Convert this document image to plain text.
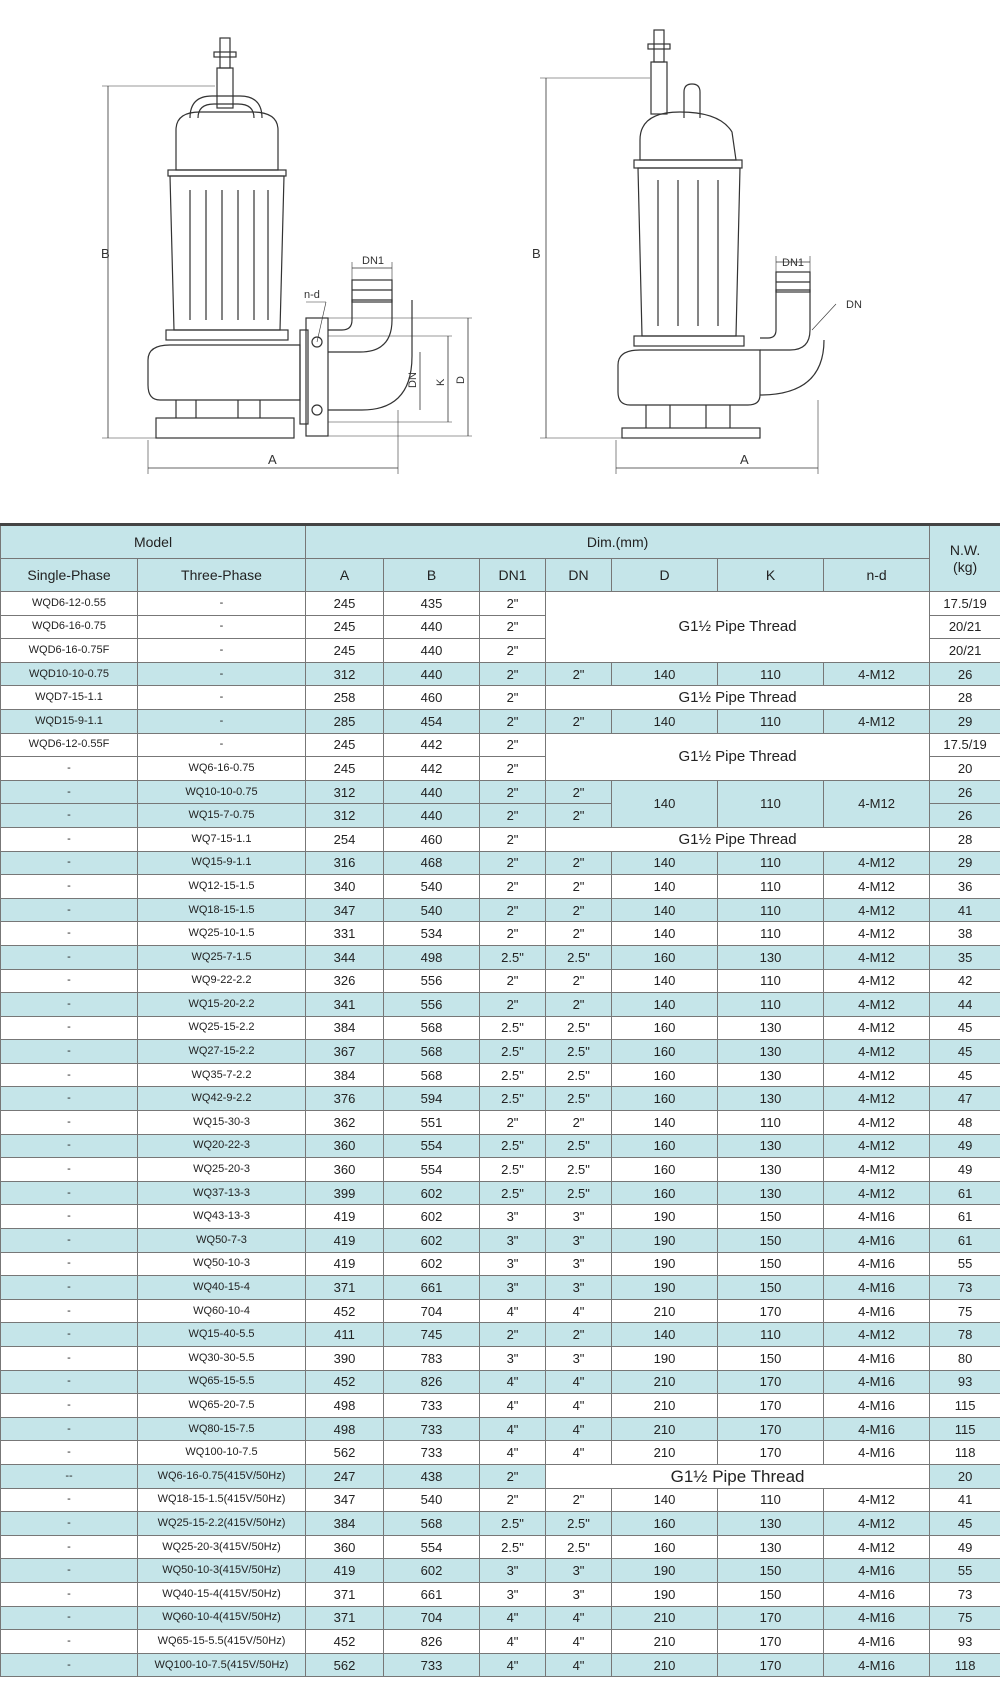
B	DN1
n-d
DN K D
A
B
DN1
DN
A
Model		Dim.(mm)							N.W.
(kg)
Single-Phase	Three-Phase	A	B	DN1	DN	D	K	n-d	
WQD6-12-0.55	-	245	435	2"	G1½ Pipe Thread				17.5/19
WQD6-16-0.75	-	245	440	2"					20/21
WQD6-16-0.75F	-	245	440	2"					20/21
WQD10-10-0.75	-	312	440	2"	2"	140	110	4-M12	26
WQD7-15-1.1	-	258	460	2"	G1½ Pipe Thread				28
WQD15-9-1.1	-	285	454	2"	2"	140	110	4-M12	29
WQD6-12-0.55F	-	245	442	2"	G1½ Pipe Thread				17.5/19
-	WQ6-16-0.75	245	442	2"					20
-	WQ10-10-0.75	312	440	2"	2"	140	110	4-M12	26
-	WQ15-7-0.75	312	440	2"	2"				26
-	WQ7-15-1.1	254	460	2"	G1½ Pipe Thread				28
-	WQ15-9-1.1	316	468	2"	2"	140	110	4-M12	29
-	WQ12-15-1.5	340	540	2"	2"	140	110	4-M12	36
-	WQ18-15-1.5	347	540	2"	2"	140	110	4-M12	41
-	WQ25-10-1.5	331	534	2"	2"	140	110	4-M12	38
-	WQ25-7-1.5	344	498	2.5"	2.5"	160	130	4-M12	35
-	WQ9-22-2.2	326	556	2"	2"	140	110	4-M12	42
-	WQ15-20-2.2	341	556	2"	2"	140	110	4-M12	44
-	WQ25-15-2.2	384	568	2.5"	2.5"	160	130	4-M12	45
-	WQ27-15-2.2	367	568	2.5"	2.5"	160	130	4-M12	45
-	WQ35-7-2.2	384	568	2.5"	2.5"	160	130	4-M12	45
-	WQ42-9-2.2	376	594	2.5"	2.5"	160	130	4-M12	47
-	WQ15-30-3	362	551	2"	2"	140	110	4-M12	48
-	WQ20-22-3	360	554	2.5"	2.5"	160	130	4-M12	49
-	WQ25-20-3	360	554	2.5"	2.5"	160	130	4-M12	49
-	WQ37-13-3	399	602	2.5"	2.5"	160	130	4-M12	61
-	WQ43-13-3	419	602	3"	3"	190	150	4-M16	61
-	WQ50-7-3	419	602	3"	3"	190	150	4-M16	61
-	WQ50-10-3	419	602	3"	3"	190	150	4-M16	55
-	WQ40-15-4	371	661	3"	3"	190	150	4-M16	73
-	WQ60-10-4	452	704	4"	4"	210	170	4-M16	75
-	WQ15-40-5.5	411	745	2"	2"	140	110	4-M12	78
-	WQ30-30-5.5	390	783	3"	3"	190	150	4-M16	80
-	WQ65-15-5.5	452	826	4"	4"	210	170	4-M16	93
-	WQ65-20-7.5	498	733	4"	4"	210	170	4-M16	115
-	WQ80-15-7.5	498	733	4"	4"	210	170	4-M16	115
-	WQ100-10-7.5	562	733	4"	4"	210	170	4-M16	118
--	WQ6-16-0.75(415V/50Hz)	247	438	2"	G1½ Pipe Thread				20
-	WQ18-15-1.5(415V/50Hz)	347	540	2"	2"	140	110	4-M12	41
-	WQ25-15-2.2(415V/50Hz)	384	568	2.5"	2.5"	160	130	4-M12	45
-	WQ25-20-3(415V/50Hz)	360	554	2.5"	2.5"	160	130	4-M12	49
-	WQ50-10-3(415V/50Hz)	419	602	3"	3"	190	150	4-M16	55
-	WQ40-15-4(415V/50Hz)	371	661	3"	3"	190	150	4-M16	73
-	WQ60-10-4(415V/50Hz)	371	704	4"	4"	210	170	4-M16	75
-	WQ65-15-5.5(415V/50Hz)	452	826	4"	4"	210	170	4-M16	93
-	WQ100-10-7.5(415V/50Hz)	562	733	4"	4"	210	170	4-M16	118
